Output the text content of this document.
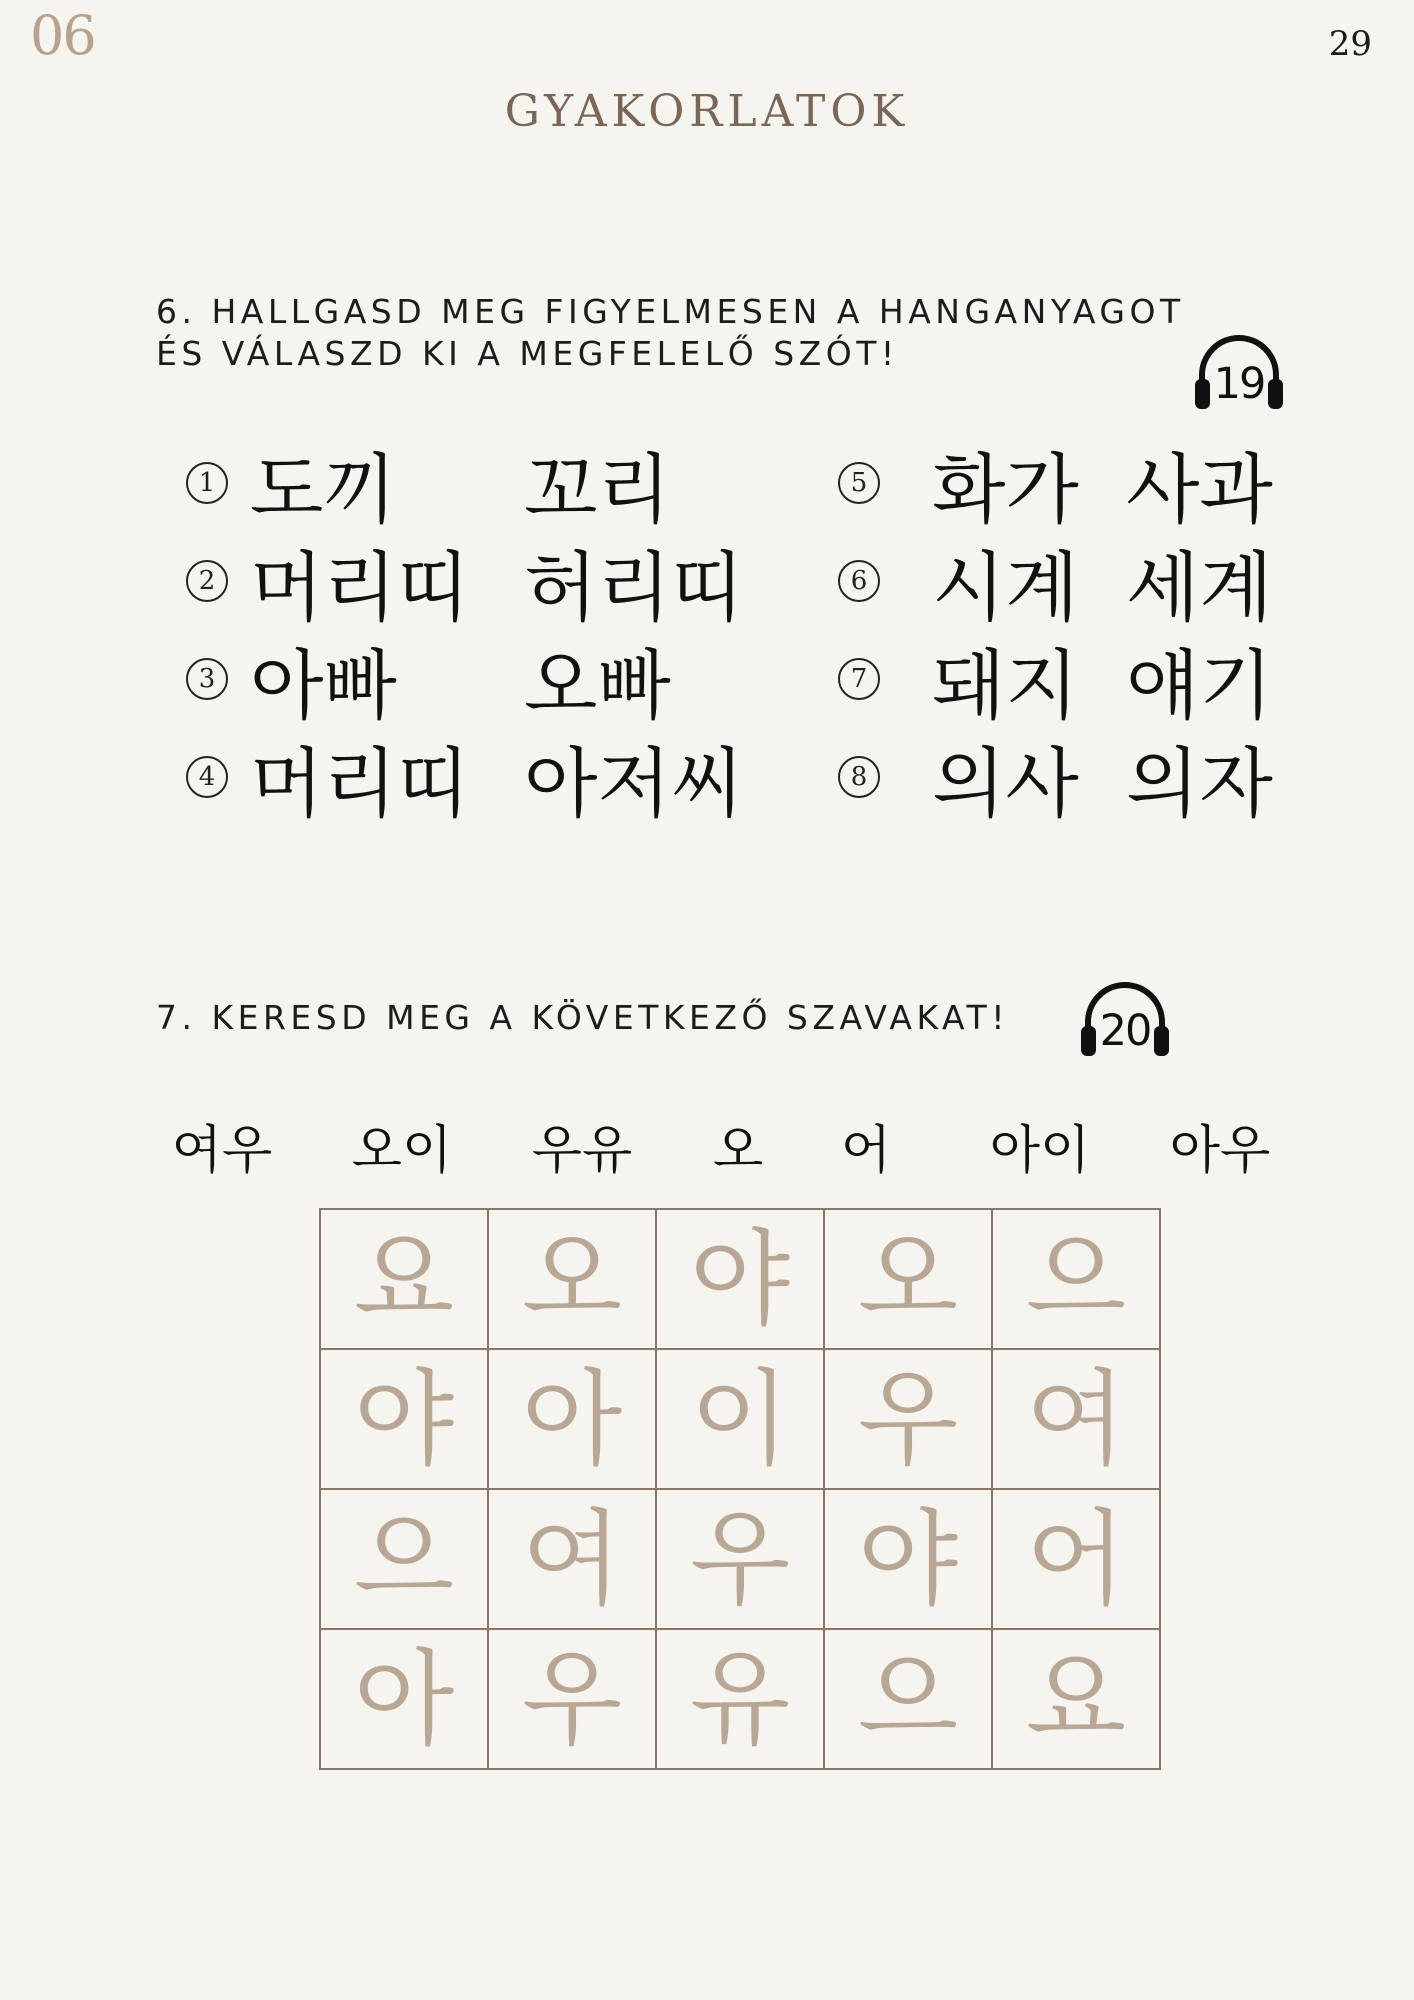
06	29
GYAKORLATOK
6. HALLGASD MEG FIGYELMESEN A HANGANYAGOT
ÉS VÁLASZD KI A MEGFELELŐ SZÓT!
19
1 도끼 꼬리
2 머리띠 허리띠
3 아빠 오빠
4 머리띠 아저씨
5 화가 사과
6 시계 세계
7 돼지 얘기
8 의사 의자
7. KERESD MEG A KÖVETKEZŐ SZAVAKAT!	20
여우	오이	우유	오	어	아이	아우
요	오	야	오	으
야	아	이	우	여
으	여	우	야	어
아	우	유	으	요
